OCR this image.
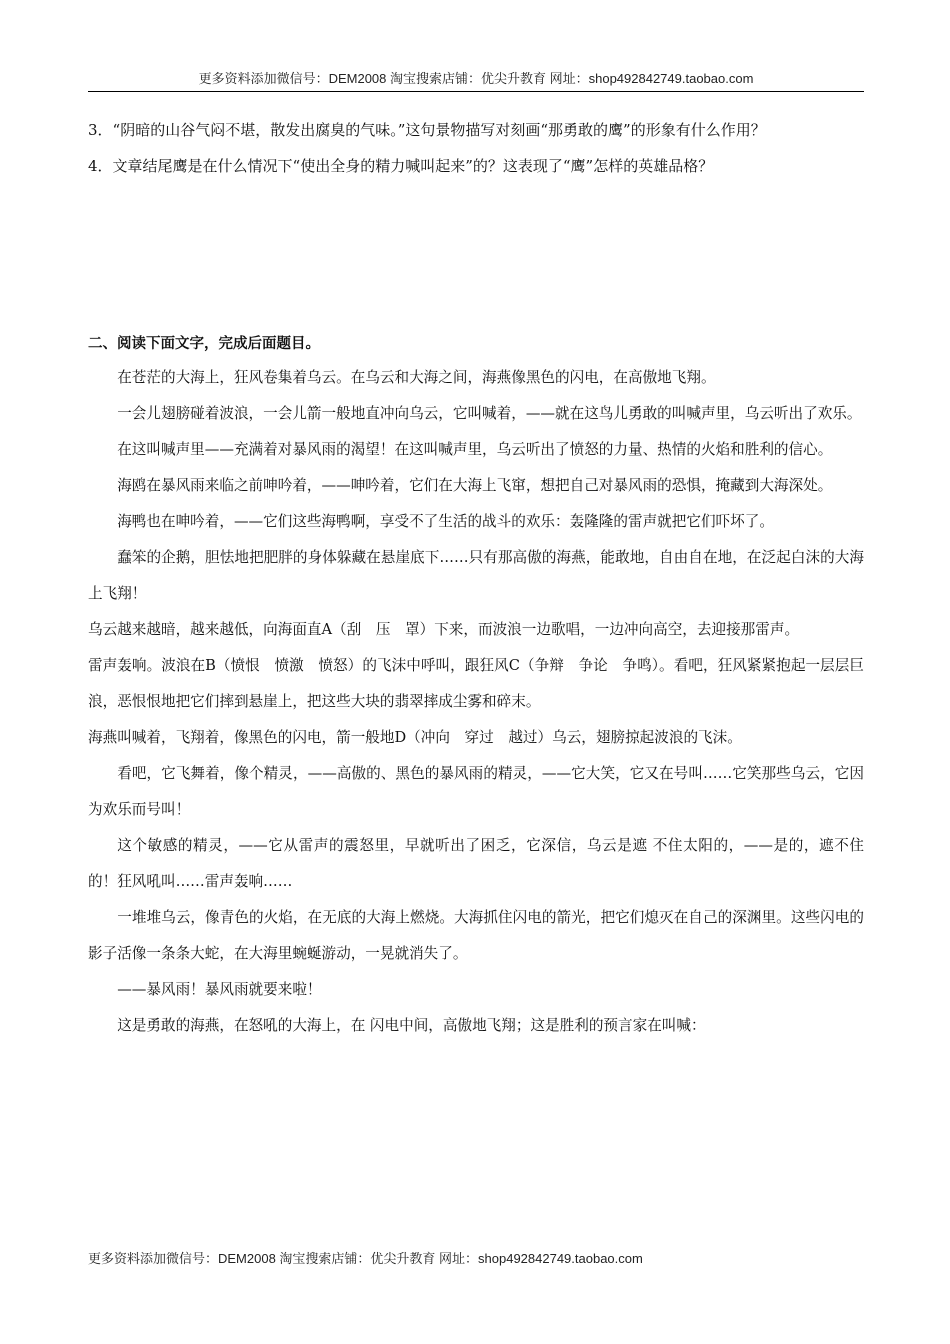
更多资料添加微信号：DEM2008 淘宝搜索店铺：优尖升教育 网址：shop492842749.taobao.com

3．“阴暗的山谷气闷不堪，散发出腐臭的气味。”这句景物描写对刻画“那勇敢的鹰”的形象有什么作用？

4．文章结尾鹰是在什么情况下“使出全身的精力喊叫起来”的？这表现了“鹰”怎样的英雄品格？

二、阅读下面文字，完成后面题目。

在苍茫的大海上，狂风卷集着乌云。在乌云和大海之间，海燕像黑色的闪电，在高傲地飞翔。

一会儿翅膀碰着波浪，一会儿箭一般地直冲向乌云，它叫喊着，——就在这鸟儿勇敢的叫喊声里，乌云听出了欢乐。

在这叫喊声里——充满着对暴风雨的渴望！在这叫喊声里，乌云听出了愤怒的力量、热情的火焰和胜利的信心。

海鸥在暴风雨来临之前呻吟着，——呻吟着，它们在大海上飞窜，想把自己对暴风雨的恐惧，掩藏到大海深处。

海鸭也在呻吟着，——它们这些海鸭啊，享受不了生活的战斗的欢乐：轰隆隆的雷声就把它们吓坏了。

蠢笨的企鹅，胆怯地把肥胖的身体躲藏在悬崖底下……只有那高傲的海燕，能敢地，自由自在地，在泛起白沫的大海上飞翔！

乌云越来越暗，越来越低，向海面直A（刮　压　罩）下来，而波浪一边歌唱，一边冲向高空，去迎接那雷声。

雷声轰响。波浪在B（愤恨　愤激　愤怒）的飞沫中呼叫，跟狂风C（争辩　争论　争鸣）。看吧，狂风紧紧抱起一层层巨浪，恶恨恨地把它们摔到悬崖上，把这些大块的翡翠摔成尘雾和碎末。

海燕叫喊着，飞翔着，像黑色的闪电，箭一般地D（冲向　穿过　越过）乌云，翅膀掠起波浪的飞沫。

看吧，它飞舞着，像个精灵，——高傲的、黑色的暴风雨的精灵，——它大笑，它又在号叫……它笑那些乌云，它因为欢乐而号叫！

这个敏感的精灵，——它从雷声的震怒里，早就听出了困乏，它深信，乌云是遮 不住太阳的，——是的，遮不住的！狂风吼叫……雷声轰响……

一堆堆乌云，像青色的火焰，在无底的大海上燃烧。大海抓住闪电的箭光，把它们熄灭在自己的深渊里。这些闪电的影子活像一条条大蛇，在大海里蜿蜒游动，一晃就消失了。

——暴风雨！暴风雨就要来啦！

这是勇敢的海燕，在怒吼的大海上，在 闪电中间，高傲地飞翔；这是胜利的预言家在叫喊：

更多资料添加微信号：DEM2008 淘宝搜索店铺：优尖升教育 网址：shop492842749.taobao.com
